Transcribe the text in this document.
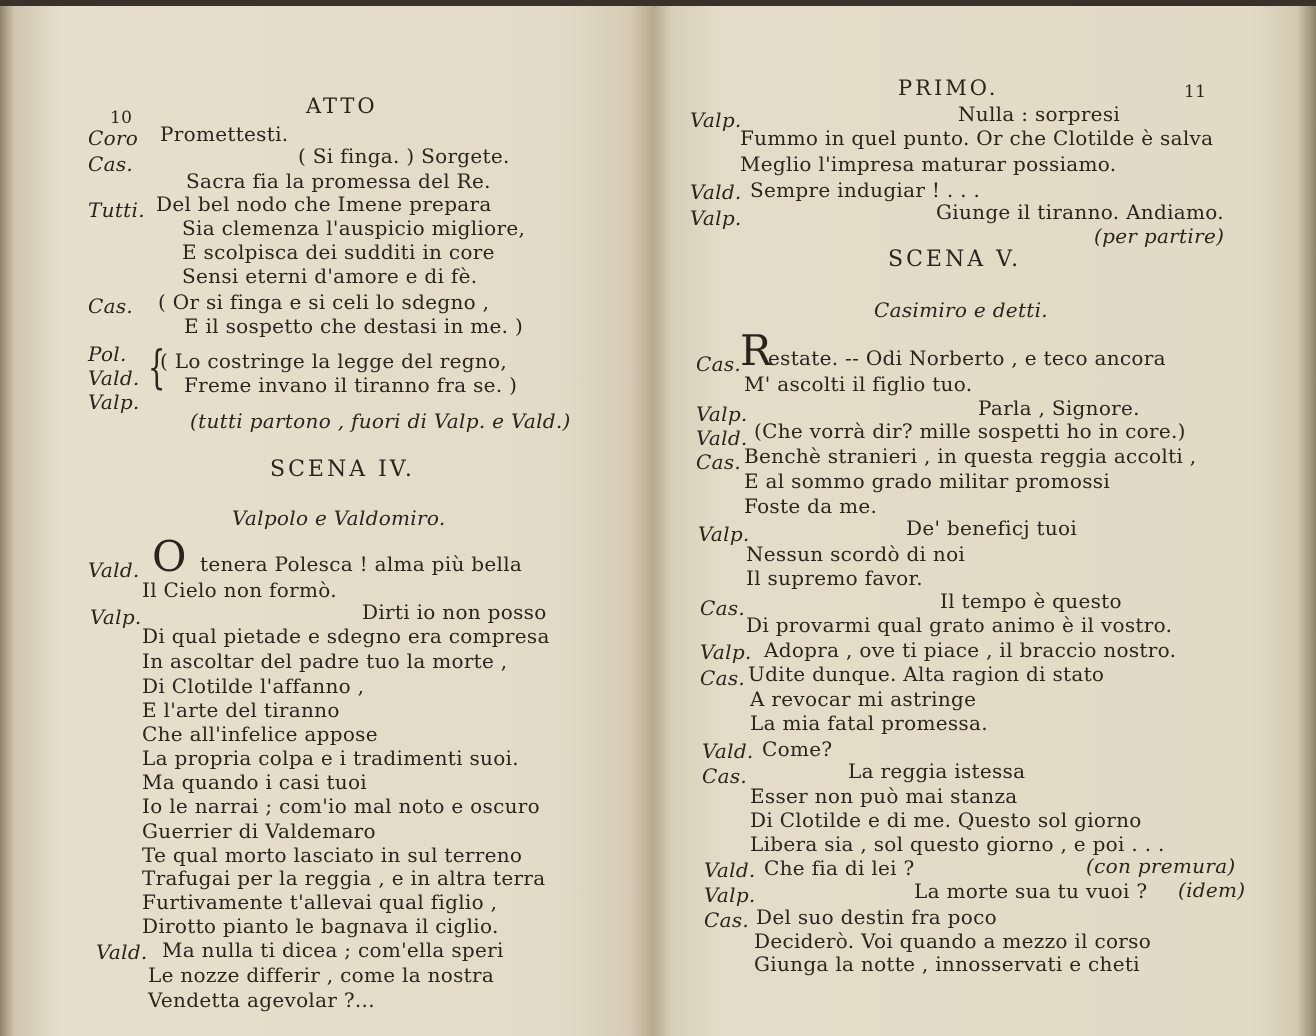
10	ATTO
Coro Promettesti.
Cas.	( Si finga. ) Sorgete.
Sacra fia la promessa del Re.
Tutti. Del bel nodo che Imene prepara
Sia clemenza l'auspicio migliore,
E scolpisca dei sudditi in core
Sensi eterni d'amore e di fè.
Cas. ( Or si finga e si celi lo sdegno ,
E il sospetto che destasi in me. )
Pol.
Vald.
Valp.
{
( Lo costringe la legge del regno,
Freme invano il tiranno fra se. )
(tutti partono , fuori di Valp. e Vald.)
SCENA IV.
Valpolo e Valdomiro.
Vald. O tenera Polesca ! alma più bella
Il Cielo non formò.
Valp.	Dirti io non posso
Di qual pietade e sdegno era compresa
In ascoltar del padre tuo la morte ,
Di Clotilde l'affanno ,
E l'arte del tiranno
Che all'infelice appose
La propria colpa e i tradimenti suoi.
Ma quando i casi tuoi
Io le narrai ; com'io mal noto e oscuro
Guerrier di Valdemaro
Te qual morto lasciato in sul terreno
Trafugai per la reggia , e in altra terra
Furtivamente t'allevai qual figlio ,
Dirotto pianto le bagnava il ciglio.
Vald. Ma nulla ti dicea ; com'ella speri
Le nozze differir , come la nostra
Vendetta agevolar ?...
PRIMO.	11
Valp.	Nulla : sorpresi
Fummo in quel punto. Or che Clotilde è salva
Meglio l'impresa maturar possiamo.
Vald. Sempre indugiar ! . . .
Valp.	Giunge il tiranno. Andiamo.
(per partire)
SCENA V.
Casimiro e detti.
Cas.
R
estate. -- Odi Norberto , e teco ancora
M' ascolti il figlio tuo.
Valp.	Parla , Signore.
Vald. (Che vorrà dir? mille sospetti ho in core.)
Cas. Benchè stranieri , in questa reggia accolti ,
E al sommo grado militar promossi
Foste da me.
Valp.	De' beneficj tuoi
Nessun scordò di noi
Il supremo favor.
Cas.	Il tempo è questo
Di provarmi qual grato animo è il vostro.
Valp. Adopra , ove ti piace , il braccio nostro.
Cas. Udite dunque. Alta ragion di stato
A revocar mi astringe
La mia fatal promessa.
Vald. Come?
Cas.	La reggia istessa
Esser non può mai stanza
Di Clotilde e di me. Questo sol giorno
Libera sia , sol questo giorno , e poi . . .
Vald. Che fia di lei ?	(con premura)
Valp.	La morte sua tu vuoi ? (idem)
Cas. Del suo destin fra poco
Deciderò. Voi quando a mezzo il corso
Giunga la notte , innosservati e cheti
